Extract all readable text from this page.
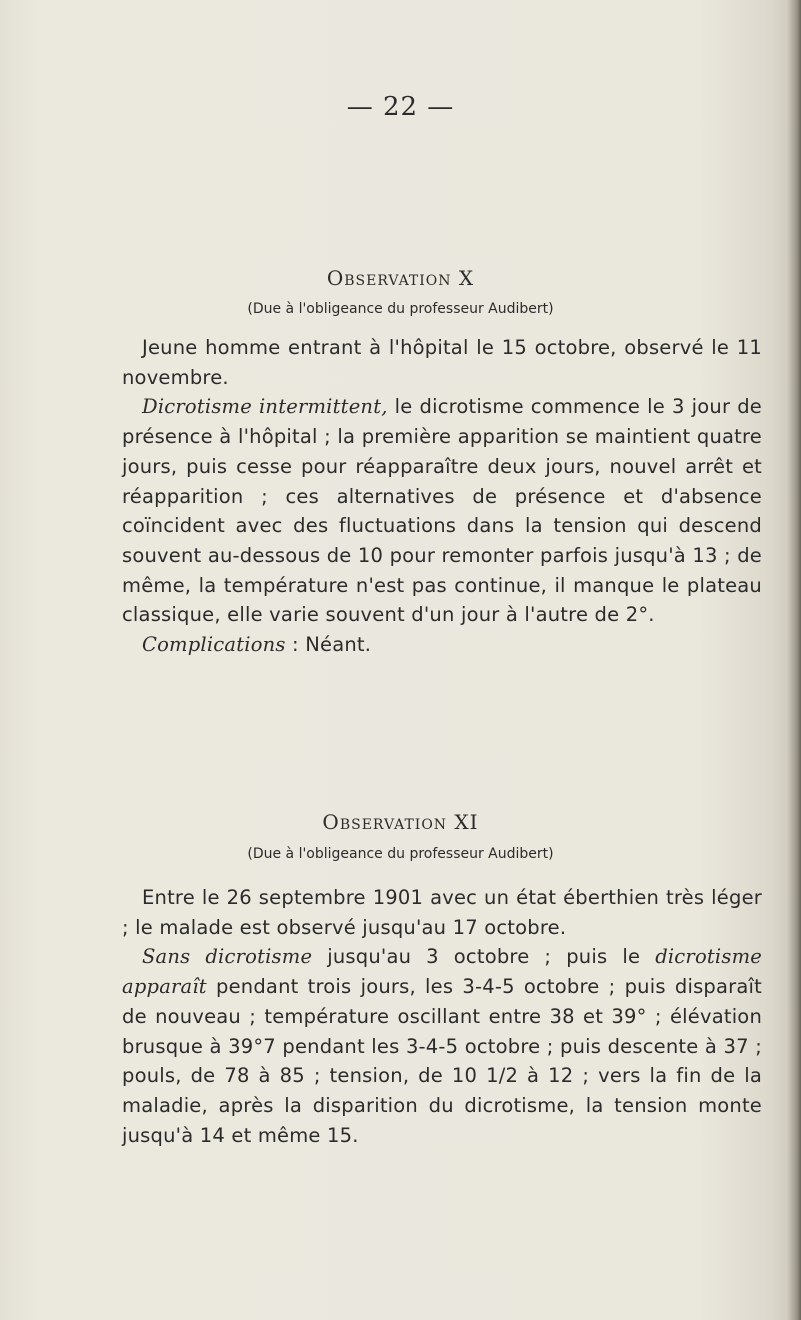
— 22 —
Observation X
(Due à l'obligeance du professeur Audibert)

Jeune homme entrant à l'hôpital le 15 octobre, observé le 11 novembre.

Dicrotisme intermittent, le dicrotisme commence le 3 jour de présence à l'hôpital ; la première apparition se maintient quatre jours, puis cesse pour réapparaître deux jours, nouvel arrêt et réapparition ; ces alternatives de présence et d'absence coïncident avec des fluctuations dans la tension qui descend souvent au-dessous de 10 pour remonter parfois jusqu'à 13 ; de même, la température n'est pas continue, il manque le plateau classique, elle varie souvent d'un jour à l'autre de 2°.

Complications : Néant.

Observation XI
(Due à l'obligeance du professeur Audibert)

Entre le 26 septembre 1901 avec un état éberthien très léger ; le malade est observé jusqu'au 17 octobre.

Sans dicrotisme jusqu'au 3 octobre ; puis le dicrotisme apparaît pendant trois jours, les 3-4-5 octobre ; puis disparaît de nouveau ; température oscillant entre 38 et 39° ; élévation brusque à 39°7 pendant les 3-4-5 octobre ; puis descente à 37 ; pouls, de 78 à 85 ; tension, de 10 1/2 à 12 ; vers la fin de la maladie, après la disparition du dicrotisme, la tension monte jusqu'à 14 et même 15.
